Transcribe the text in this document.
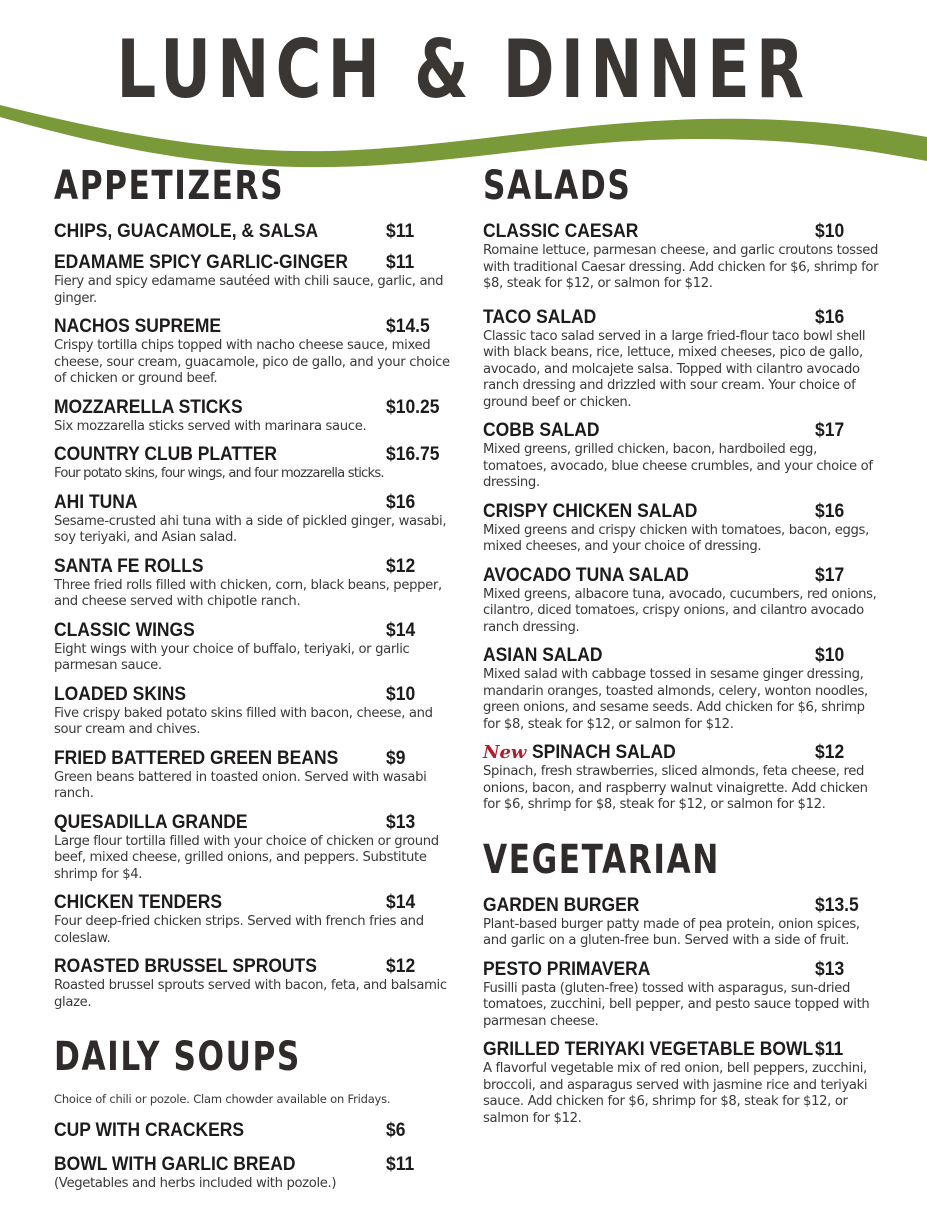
LUNCH & DINNER
APPETIZERS
CHIPS, GUACAMOLE, & SALSA	$11
EDAMAME SPICY GARLIC-GINGER $11
Fiery and spicy edamame sautéed with chili sauce, garlic, and ginger.
NACHOS SUPREME	$14.5
Crispy tortilla chips topped with nacho cheese sauce, mixed cheese, sour cream, guacamole, pico de gallo, and your choice of chicken or ground beef.
MOZZARELLA STICKS	$10.25
Six mozzarella sticks served with marinara sauce.
COUNTRY CLUB PLATTER	$16.75
Four potato skins, four wings, and four mozzarella sticks.
AHI TUNA	$16
Sesame-crusted ahi tuna with a side of pickled ginger, wasabi, soy teriyaki, and Asian salad.
SANTA FE ROLLS	$12
Three fried rolls filled with chicken, corn, black beans, pepper, and cheese served with chipotle ranch.
CLASSIC WINGS	$14
Eight wings with your choice of buffalo, teriyaki, or garlic parmesan sauce.
LOADED SKINS	$10
Five crispy baked potato skins filled with bacon, cheese, and sour cream and chives.
FRIED BATTERED GREEN BEANS	$9
Green beans battered in toasted onion. Served with wasabi ranch.
QUESADILLA GRANDE	$13
Large flour tortilla filled with your choice of chicken or ground beef, mixed cheese, grilled onions, and peppers. Substitute shrimp for $4.
CHICKEN TENDERS	$14
Four deep-fried chicken strips. Served with french fries and coleslaw.
ROASTED BRUSSEL SPROUTS	$12
Roasted brussel sprouts served with bacon, feta, and balsamic glaze.
DAILY SOUPS
Choice of chili or pozole. Clam chowder available on Fridays.
CUP WITH CRACKERS	$6
BOWL WITH GARLIC BREAD	$11
(Vegetables and herbs included with pozole.)
SALADS
CLASSIC CAESAR	$10
Romaine lettuce, parmesan cheese, and garlic croutons tossed with traditional Caesar dressing. Add chicken for $6, shrimp for $8, steak for $12, or salmon for $12.
TACO SALAD	$16
Classic taco salad served in a large fried-flour taco bowl shell with black beans, rice, lettuce, mixed cheeses, pico de gallo, avocado, and molcajete salsa. Topped with cilantro avocado ranch dressing and drizzled with sour cream. Your choice of ground beef or chicken.
COBB SALAD	$17
Mixed greens, grilled chicken, bacon, hardboiled egg, tomatoes, avocado, blue cheese crumbles, and your choice of dressing.
CRISPY CHICKEN SALAD	$16
Mixed greens and crispy chicken with tomatoes, bacon, eggs, mixed cheeses, and your choice of dressing.
AVOCADO TUNA SALAD	$17
Mixed greens, albacore tuna, avocado, cucumbers, red onions, cilantro, diced tomatoes, crispy onions, and cilantro avocado ranch dressing.
ASIAN SALAD	$10
Mixed salad with cabbage tossed in sesame ginger dressing, mandarin oranges, toasted almonds, celery, wonton noodles, green onions, and sesame seeds. Add chicken for $6, shrimp for $8, steak for $12, or salmon for $12.
New SPINACH SALAD	$12
Spinach, fresh strawberries, sliced almonds, feta cheese, red onions, bacon, and raspberry walnut vinaigrette. Add chicken for $6, shrimp for $8, steak for $12, or salmon for $12.
VEGETARIAN
GARDEN BURGER	$13.5
Plant-based burger patty made of pea protein, onion spices, and garlic on a gluten-free bun. Served with a side of fruit.
PESTO PRIMAVERA	$13
Fusilli pasta (gluten-free) tossed with asparagus, sun-dried tomatoes, zucchini, bell pepper, and pesto sauce topped with parmesan cheese.
GRILLED TERIYAKI VEGETABLE BOWL $11
A flavorful vegetable mix of red onion, bell peppers, zucchini, broccoli, and asparagus served with jasmine rice and teriyaki sauce. Add chicken for $6, shrimp for $8, steak for $12, or salmon for $12.
